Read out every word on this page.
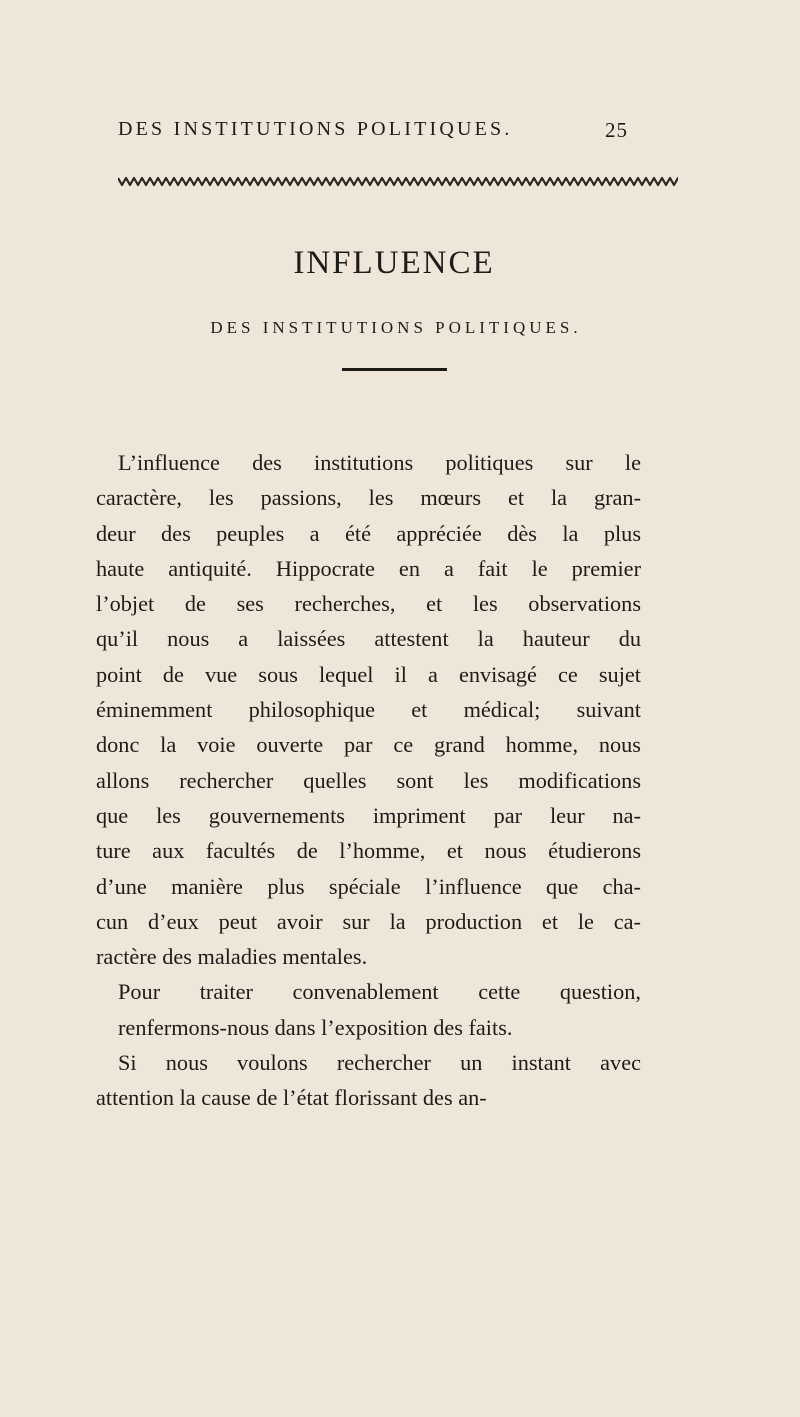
DES INSTITUTIONS POLITIQUES.	25
INFLUENCE
DES INSTITUTIONS POLITIQUES.
L’influence des institutions politiques sur le
caractère, les passions, les mœurs et la gran-
deur des peuples a été appréciée dès la plus
haute antiquité. Hippocrate en a fait le premier
l’objet de ses recherches, et les observations
qu’il nous a laissées attestent la hauteur du
point de vue sous lequel il a envisagé ce sujet
éminemment philosophique et médical; suivant
donc la voie ouverte par ce grand homme, nous
allons rechercher quelles sont les modifications
que les gouvernements impriment par leur na-
ture aux facultés de l’homme, et nous étudierons
d’une manière plus spéciale l’influence que cha-
cun d’eux peut avoir sur la production et le ca-
ractère des maladies mentales.
Pour traiter convenablement cette question,
renfermons-nous dans l’exposition des faits.
Si nous voulons rechercher un instant avec
attention la cause de l’état florissant des an-
